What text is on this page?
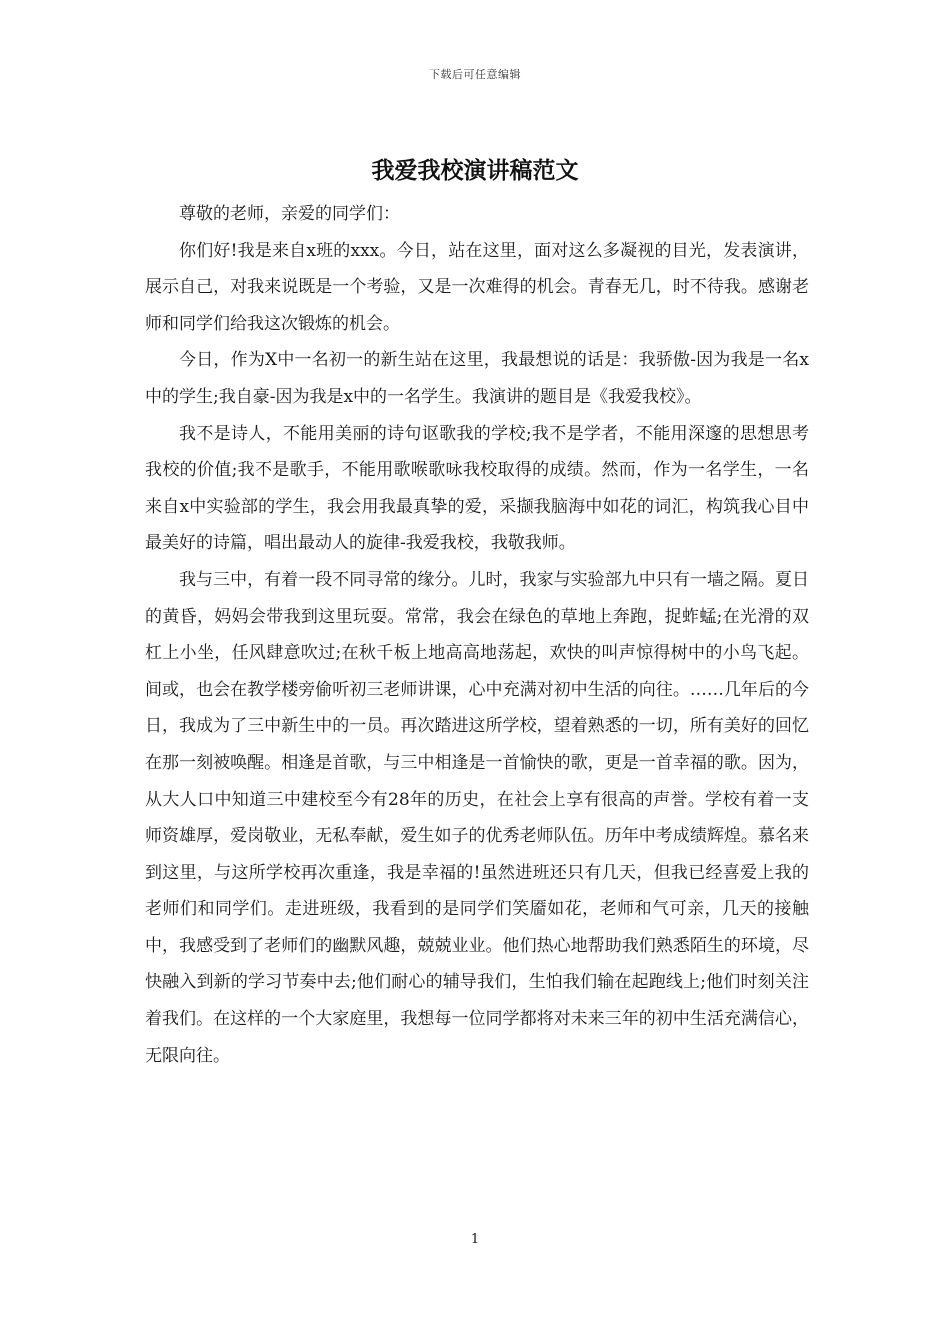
下载后可任意编辑
我爱我校演讲稿范文

尊敬的老师，亲爱的同学们：

你们好!我是来自x班的xxx。今日，站在这里，面对这么多凝视的目光，发表演讲，展示自己，对我来说既是一个考验，又是一次难得的机会。青春无几，时不待我。感谢老师和同学们给我这次锻炼的机会。

今日，作为X中一名初一的新生站在这里，我最想说的话是：我骄傲-因为我是一名x中的学生;我自豪-因为我是x中的一名学生。我演讲的题目是《我爱我校》。

我不是诗人，不能用美丽的诗句讴歌我的学校;我不是学者，不能用深邃的思想思考我校的价值;我不是歌手，不能用歌喉歌咏我校取得的成绩。然而，作为一名学生，一名来自x中实验部的学生，我会用我最真挚的爱，采撷我脑海中如花的词汇，构筑我心目中最美好的诗篇，唱出最动人的旋律-我爱我校，我敬我师。

我与三中，有着一段不同寻常的缘分。儿时，我家与实验部九中只有一墙之隔。夏日的黄昏，妈妈会带我到这里玩耍。常常，我会在绿色的草地上奔跑，捉蚱蜢;在光滑的双杠上小坐，任风肆意吹过;在秋千板上地高高地荡起，欢快的叫声惊得树中的小鸟飞起。间或，也会在教学楼旁偷听初三老师讲课，心中充满对初中生活的向往。……几年后的今日，我成为了三中新生中的一员。再次踏进这所学校，望着熟悉的一切，所有美好的回忆在那一刻被唤醒。相逢是首歌，与三中相逢是一首愉快的歌，更是一首幸福的歌。因为，从大人口中知道三中建校至今有28年的历史，在社会上享有很高的声誉。学校有着一支师资雄厚，爱岗敬业，无私奉献，爱生如子的优秀老师队伍。历年中考成绩辉煌。慕名来到这里，与这所学校再次重逢，我是幸福的!虽然进班还只有几天，但我已经喜爱上我的老师们和同学们。走进班级，我看到的是同学们笑靥如花，老师和气可亲，几天的接触中，我感受到了老师们的幽默风趣，兢兢业业。他们热心地帮助我们熟悉陌生的环境，尽快融入到新的学习节奏中去;他们耐心的辅导我们，生怕我们输在起跑线上;他们时刻关注着我们。在这样的一个大家庭里，我想每一位同学都将对未来三年的初中生活充满信心，无限向往。

1
